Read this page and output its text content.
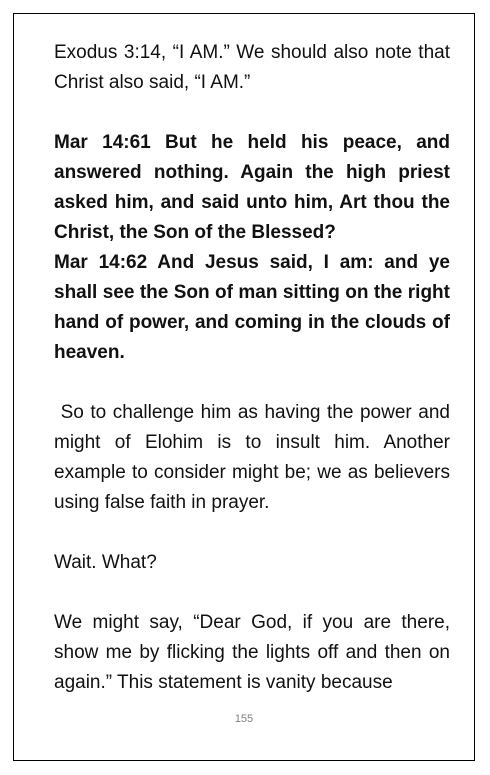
Exodus 3:14, “I AM.” We should also note that Christ also said, “I AM.”

Mar 14:61 But he held his peace, and answered nothing. Again the high priest asked him, and said unto him, Art thou the Christ, the Son of the Blessed?

Mar 14:62 And Jesus said, I am: and ye shall see the Son of man sitting on the right hand of power, and coming in the clouds of heaven.

So to challenge him as having the power and might of Elohim is to insult him. Another example to consider might be; we as believers using false faith in prayer.

Wait. What?

We might say, “Dear God, if you are there, show me by flicking the lights off and then on again.” This statement is vanity because

155
